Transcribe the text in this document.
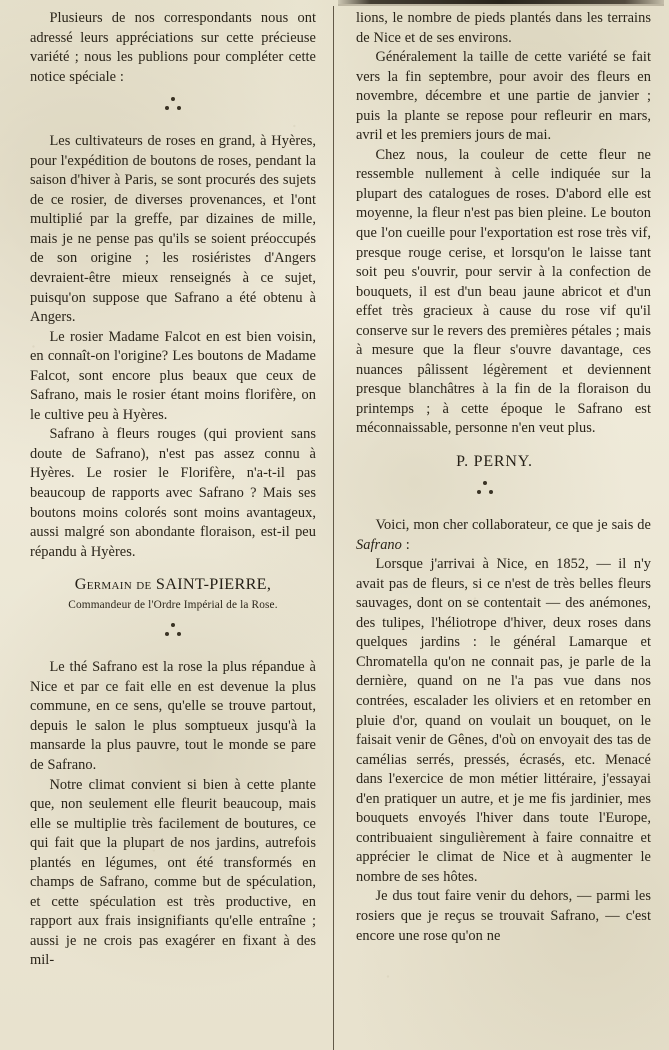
Plusieurs de nos correspondants nous ont adressé leurs appréciations sur cette précieuse variété ; nous les publions pour compléter cette notice spéciale :

Les cultivateurs de roses en grand, à Hyères, pour l'expédition de boutons de roses, pendant la saison d'hiver à Paris, se sont procurés des sujets de ce rosier, de diverses provenances, et l'ont multiplié par la greffe, par dizaines de mille, mais je ne pense pas qu'ils se soient préoccupés de son origine ; les rosiéristes d'Angers devraient-être mieux renseignés à ce sujet, puisqu'on suppose que Safrano a été obtenu à Angers.

Le rosier Madame Falcot en est bien voisin, en connaît-on l'origine? Les boutons de Madame Falcot, sont encore plus beaux que ceux de Safrano, mais le rosier étant moins florifère, on le cultive peu à Hyères.

Safrano à fleurs rouges (qui provient sans doute de Safrano), n'est pas assez connu à Hyères. Le rosier le Florifère, n'a-t-il pas beaucoup de rapports avec Safrano ? Mais ses boutons moins colorés sont moins avantageux, aussi malgré son abondante floraison, est-il peu répandu à Hyères.

Germain de SAINT-PIERRE,

Commandeur de l'Ordre Impérial de la Rose.

Le thé Safrano est la rose la plus répandue à Nice et par ce fait elle en est devenue la plus commune, en ce sens, qu'elle se trouve partout, depuis le salon le plus somptueux jusqu'à la mansarde la plus pauvre, tout le monde se pare de Safrano.

Notre climat convient si bien à cette plante que, non seulement elle fleurit beaucoup, mais elle se multiplie très facilement de boutures, ce qui fait que la plupart de nos jardins, autrefois plantés en légumes, ont été transformés en champs de Safrano, comme but de spéculation, et cette spéculation est très productive, en rapport aux frais insignifiants qu'elle entraîne ; aussi je ne crois pas exagérer en fixant à des mil-

lions, le nombre de pieds plantés dans les terrains de Nice et de ses environs.

Généralement la taille de cette variété se fait vers la fin septembre, pour avoir des fleurs en novembre, décembre et une partie de janvier ; puis la plante se repose pour refleurir en mars, avril et les premiers jours de mai.

Chez nous, la couleur de cette fleur ne ressemble nullement à celle indiquée sur la plupart des catalogues de roses. D'abord elle est moyenne, la fleur n'est pas bien pleine. Le bouton que l'on cueille pour l'exportation est rose très vif, presque rouge cerise, et lorsqu'on le laisse tant soit peu s'ouvrir, pour servir à la confection de bouquets, il est d'un beau jaune abricot et d'un effet très gracieux à cause du rose vif qu'il conserve sur le revers des premières pétales ; mais à mesure que la fleur s'ouvre davantage, ces nuances pâlissent légèrement et deviennent presque blanchâtres à la fin de la floraison du printemps ; à cette époque le Safrano est méconnaissable, personne n'en veut plus.

P. PERNY.

Voici, mon cher collaborateur, ce que je sais de Safrano :

Lorsque j'arrivai à Nice, en 1852, — il n'y avait pas de fleurs, si ce n'est de très belles fleurs sauvages, dont on se contentait — des anémones, des tulipes, l'héliotrope d'hiver, deux roses dans quelques jardins : le général Lamarque et Chromatella qu'on ne connait pas, je parle de la dernière, quand on ne l'a pas vue dans nos contrées, escalader les oliviers et en retomber en pluie d'or, quand on voulait un bouquet, on le faisait venir de Gênes, d'où on envoyait des tas de camélias serrés, pressés, écrasés, etc. Menacé dans l'exercice de mon métier littéraire, j'essayai d'en pratiquer un autre, et je me fis jardinier, mes bouquets envoyés l'hiver dans toute l'Europe, contribuaient singulièrement à faire connaitre et apprécier le climat de Nice et à augmenter le nombre de ses hôtes.

Je dus tout faire venir du dehors, — parmi les rosiers que je reçus se trouvait Safrano, — c'est encore une rose qu'on ne
